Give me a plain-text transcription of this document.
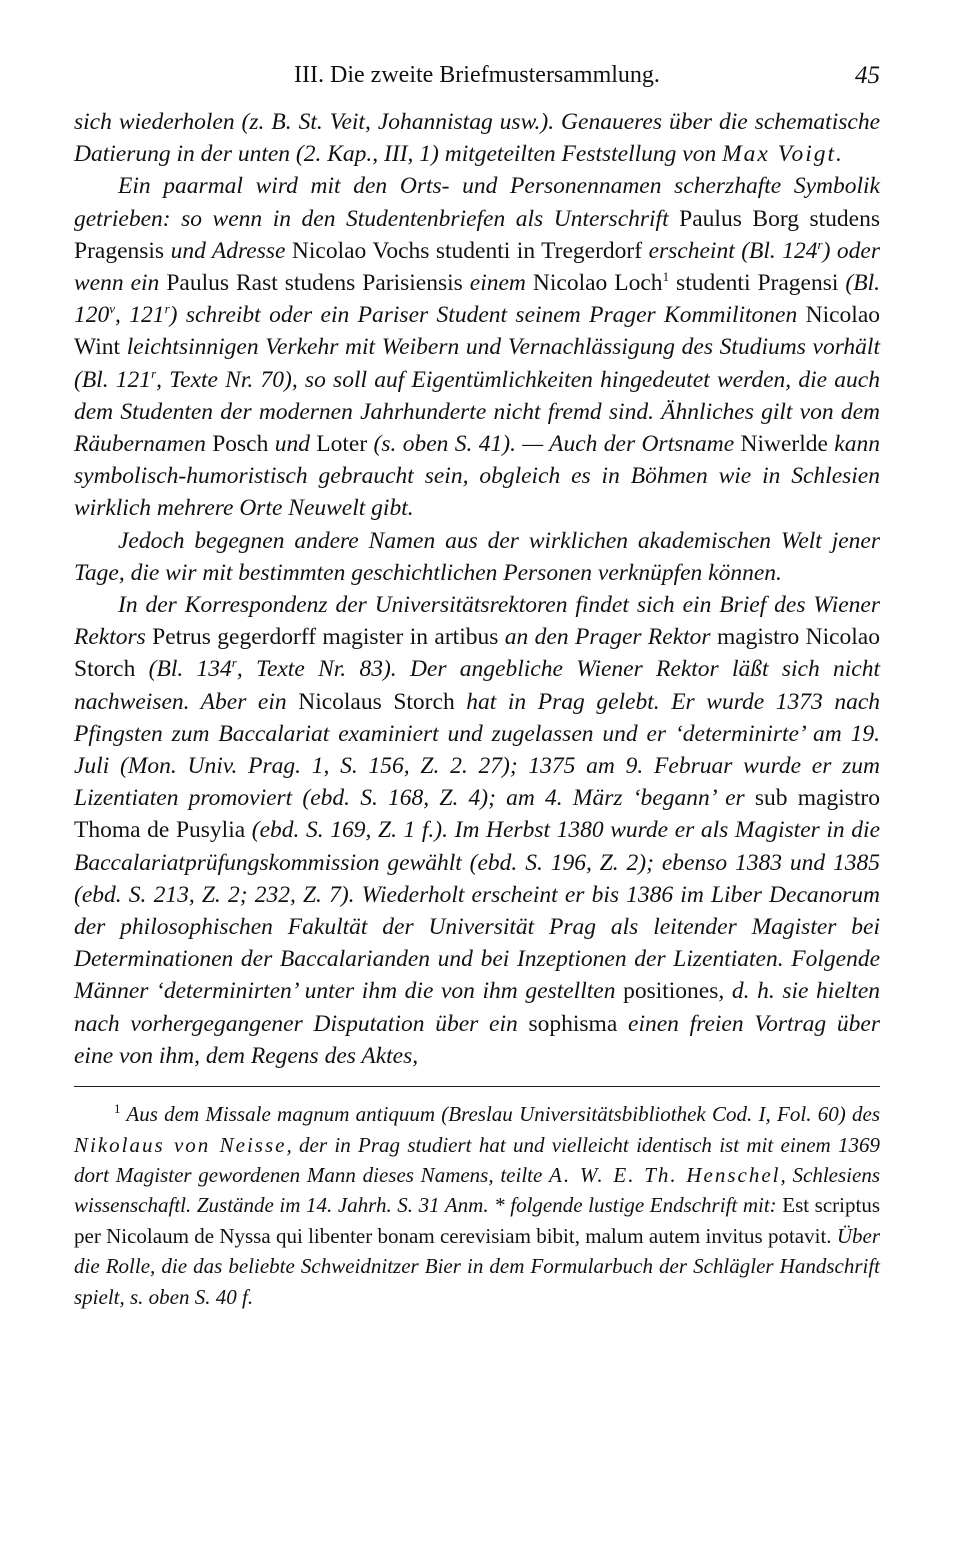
III. Die zweite Briefmustersammlung.	45

sich wiederholen (z. B. St. Veit, Johannistag usw.). Genaueres über die schematische Datierung in der unten (2. Kap., III, 1) mitgeteilten Feststellung von Max Voigt.

Ein paarmal wird mit den Orts- und Personennamen scherzhafte Symbolik getrieben: so wenn in den Studentenbriefen als Unterschrift Paulus Borg studens Pragensis und Adresse Nicolao Vochs studenti in Tregerdorf erscheint (Bl. 124$^r$) oder wenn ein Paulus Rast studens Parisiensis einem Nicolao Loch$^1$ studenti Pragensi (Bl. 120$^v$, 121$^r$) schreibt oder ein Pariser Student seinem Prager Kommilitonen Nicolao Wint leichtsinnigen Verkehr mit Weibern und Vernachlässigung des Studiums vorhält (Bl. 121$^r$, Texte Nr. 70), so soll auf Eigentümlichkeiten hingedeutet werden, die auch dem Studenten der modernen Jahrhunderte nicht fremd sind. Ähnliches gilt von dem Räubernamen Posch und Loter (s. oben S. 41). — Auch der Ortsname Niwerlde kann symbolisch-humoristisch gebraucht sein, obgleich es in Böhmen wie in Schlesien wirklich mehrere Orte Neuwelt gibt.

Jedoch begegnen andere Namen aus der wirklichen akademischen Welt jener Tage, die wir mit bestimmten geschichtlichen Personen verknüpfen können.

In der Korrespondenz der Universitätsrektoren findet sich ein Brief des Wiener Rektors Petrus gegerdorff magister in artibus an den Prager Rektor magistro Nicolao Storch (Bl. 134$^r$, Texte Nr. 83). Der angebliche Wiener Rektor läßt sich nicht nachweisen. Aber ein Nicolaus Storch hat in Prag gelebt. Er wurde 1373 nach Pfingsten zum Baccalariat examiniert und zugelassen und er ‘determinirte’ am 19. Juli (Mon. Univ. Prag. 1, S. 156, Z. 2. 27); 1375 am 9. Februar wurde er zum Lizentiaten promoviert (ebd. S. 168, Z. 4); am 4. März ‘begann’ er sub magistro Thoma de Pusylia (ebd. S. 169, Z. 1 f.). Im Herbst 1380 wurde er als Magister in die Baccalariatprüfungskommission gewählt (ebd. S. 196, Z. 2); ebenso 1383 und 1385 (ebd. S. 213, Z. 2; 232, Z. 7). Wiederholt erscheint er bis 1386 im Liber Decanorum der philosophischen Fakultät der Universität Prag als leitender Magister bei Determinationen der Baccalarianden und bei Inzeptionen der Lizentiaten. Folgende Männer ‘determinirten’ unter ihm die von ihm gestellten positiones, d. h. sie hielten nach vorhergegangener Disputation über ein sophisma einen freien Vortrag über eine von ihm, dem Regens des Aktes,

$^1$ Aus dem Missale magnum antiquum (Breslau Universitätsbibliothek Cod. I, Fol. 60) des Nikolaus von Neisse, der in Prag studiert hat und vielleicht identisch ist mit einem 1369 dort Magister gewordenen Mann dieses Namens, teilte A. W. E. Th. Henschel, Schlesiens wissenschaftl. Zustände im 14. Jahrh. S. 31 Anm. * folgende lustige Endschrift mit: Est scriptus per Nicolaum de Nyssa qui libenter bonam cerevisiam bibit, malum autem invitus potavit. Über die Rolle, die das beliebte Schweidnitzer Bier in dem Formularbuch der Schlägler Handschrift spielt, s. oben S. 40 f.
